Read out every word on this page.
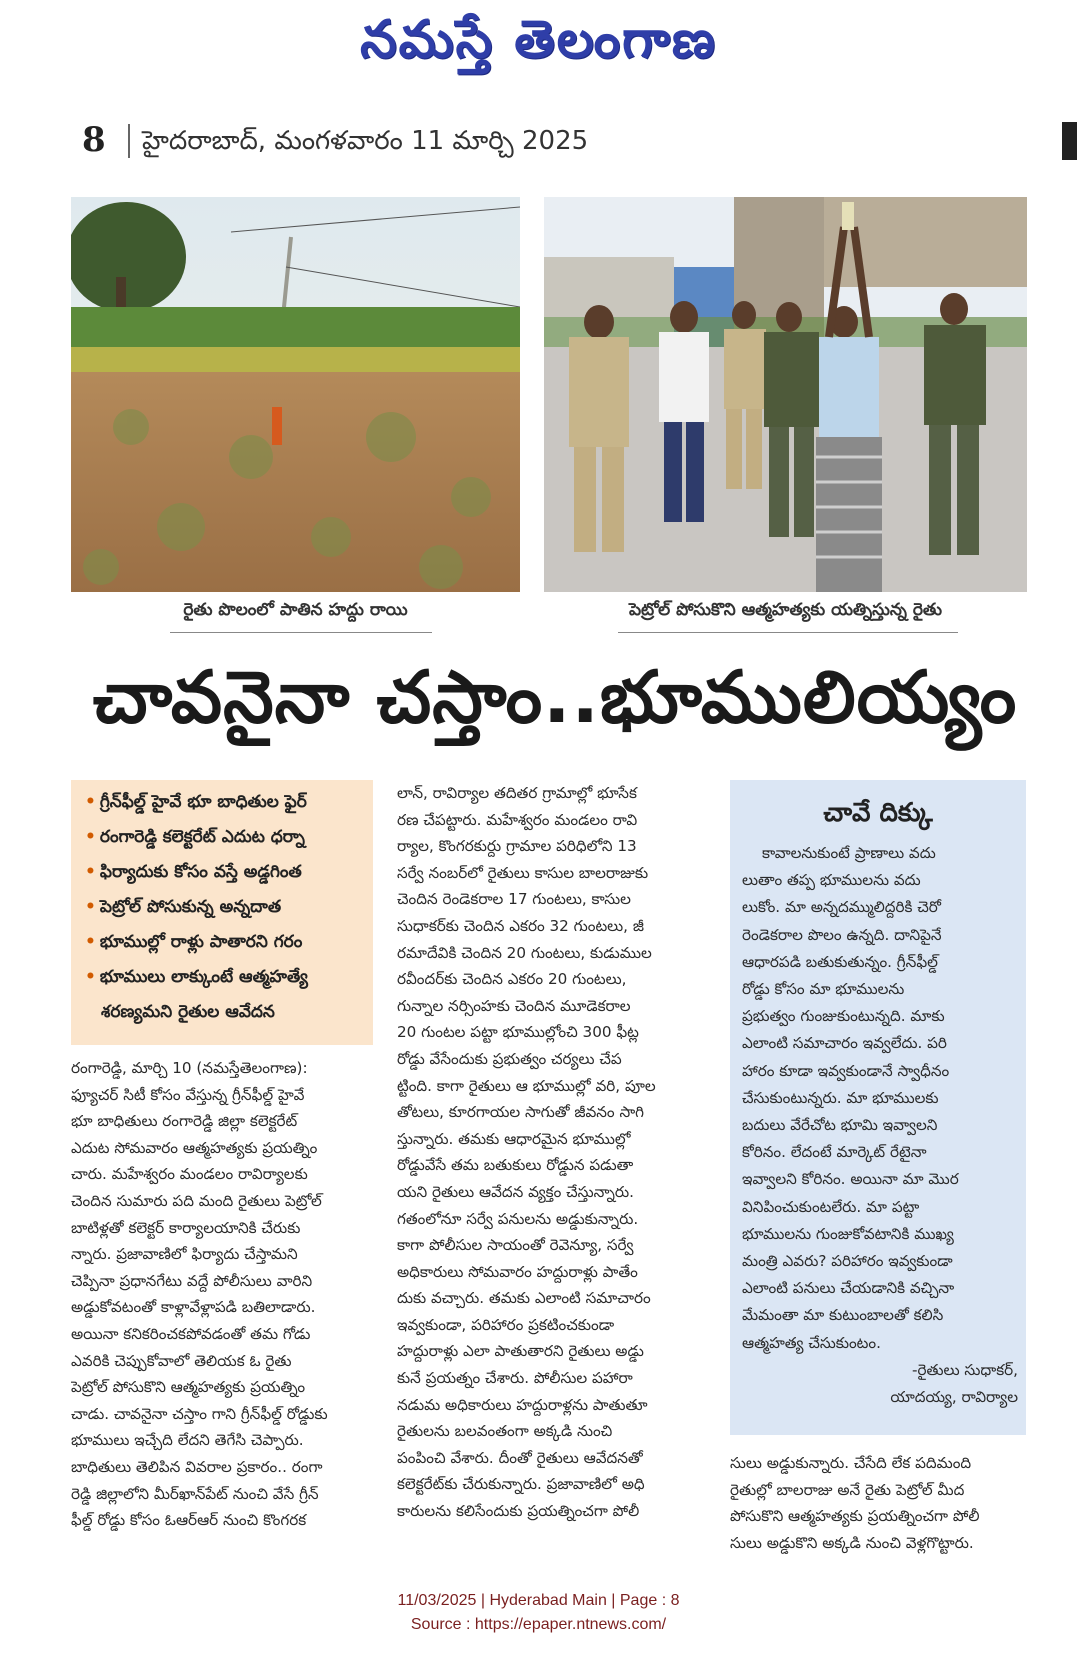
నమస్తే తెలంగాణ
8 హైదరాబాద్, మంగళవారం 11 మార్చి 2025
రైతు పొలంలో పాతిన హద్దు రాయి	పెట్రోల్ పోసుకొని ఆత్మహత్యకు యత్నిస్తున్న రైతు
చావనైనా చస్తాం..భూములియ్యం
• గ్రీన్‌ఫీల్డ్ హైవే భూ బాధితుల ఫైర్
• రంగారెడ్డి కలెక్టరేట్ ఎదుట ధర్నా
• ఫిర్యాదుకు కోసం వస్తే అడ్డగింత
• పెట్రోల్ పోసుకున్న అన్నదాత
• భూముల్లో రాళ్లు పాతారని గరం
• భూములు లాక్కుంటే ఆత్మహత్యే
శరణ్యమని రైతుల ఆవేదన

రంగారెడ్డి, మార్చి 10 (నమస్తేతెలంగాణ):

ఫ్యూచర్ సిటీ కోసం వేస్తున్న గ్రీన్‌ఫీల్డ్ హైవే

భూ బాధితులు రంగారెడ్డి జిల్లా కలెక్టరేట్

ఎదుట సోమవారం ఆత్మహత్యకు ప్రయత్నిం

చారు. మహేశ్వరం మండలం రావిర్యాలకు

చెందిన సుమారు పది మంది రైతులు పెట్రోల్

బాటిళ్లతో కలెక్టర్ కార్యాలయానికి చేరుకు

న్నారు. ప్రజావాణిలో ఫిర్యాదు చేస్తామని

చెప్పినా ప్రధానగేటు వద్దే పోలీసులు వారిని

అడ్డుకోవటంతో కాళ్లావేళ్లాపడి బతిలాడారు.

అయినా కనికరించకపోవడంతో తమ గోడు

ఎవరికి చెప్పుకోవాలో తెలియక ఓ రైతు

పెట్రోల్ పోసుకొని ఆత్మహత్యకు ప్రయత్నిం

చాడు. చావనైనా చస్తాం గాని గ్రీన్‌ఫీల్డ్ రోడ్డుకు

భూములు ఇచ్చేది లేదని తెగేసి చెప్పారు.

బాధితులు తెలిపిన వివరాల ప్రకారం.. రంగా

రెడ్డి జిల్లాలోని మీర్‌ఖాన్‌పేట్ నుంచి వేసే గ్రీన్

ఫీల్డ్ రోడ్డు కోసం ఓఆర్ఆర్ నుంచి కొంగరక

లాన్, రావిర్యాల తదితర గ్రామాల్లో భూసేక

రణ చేపట్టారు. మహేశ్వరం మండలం రావి

ర్యాల, కొంగరకుర్దు గ్రామాల పరిధిలోని 13

సర్వే నంబర్‌లో రైతులు కాసుల బాలరాజుకు

చెందిన రెండెకరాల 17 గుంటలు, కాసుల

సుధాకర్‌కు చెందిన ఎకరం 32 గుంటలు, జీ

రమాదేవికి చెందిన 20 గుంటలు, కుడుముల

రవీందర్‌కు చెందిన ఎకరం 20 గుంటలు,

గున్నాల నర్సింహకు చెందిన మూడెకరాల

20 గుంటల పట్టా భూముల్లోంచి 300 ఫీట్ల

రోడ్డు వేసేందుకు ప్రభుత్వం చర్యలు చేప

ట్టింది. కాగా రైతులు ఆ భూముల్లో వరి, పూల

తోటలు, కూరగాయల సాగుతో జీవనం సాగి

స్తున్నారు. తమకు ఆధారమైన భూముల్లో

రోడ్డువేసే తమ బతుకులు రోడ్డున పడుతా

యని రైతులు ఆవేదన వ్యక్తం చేస్తున్నారు.

గతంలోనూ సర్వే పనులను అడ్డుకున్నారు.

కాగా పోలీసుల సాయంతో రెవెన్యూ, సర్వే

అధికారులు సోమవారం హద్దురాళ్లు పాతేం

దుకు వచ్చారు. తమకు ఎలాంటి సమాచారం

ఇవ్వకుండా, పరిహారం ప్రకటించకుండా

హద్దురాళ్లు ఎలా పాతుతారని రైతులు అడ్డు

కునే ప్రయత్నం చేశారు. పోలీసుల పహారా

నడుమ అధికారులు హద్దురాళ్లను పాతుతూ

రైతులను బలవంతంగా అక్కడి నుంచి

పంపించి వేశారు. దీంతో రైతులు ఆవేదనతో

కలెక్టరేట్‌కు చేరుకున్నారు. ప్రజావాణిలో అధి

కారులను కలిసేందుకు ప్రయత్నించగా పోలీ

చావే దిక్కు

కావాలనుకుంటే ప్రాణాలు వదు

లుతాం తప్ప భూములను వదు

లుకోం. మా అన్నదమ్ములిద్దరికి చెరో

రెండెకరాల పొలం ఉన్నది. దానిపైనే

ఆధారపడి బతుకుతున్నం. గ్రీన్‌ఫీల్డ్

రోడ్డు కోసం మా భూములను

ప్రభుత్వం గుంజుకుంటున్నది. మాకు

ఎలాంటి సమాచారం ఇవ్వలేదు. పరి

హారం కూడా ఇవ్వకుండానే స్వాధీనం

చేసుకుంటున్నరు. మా భూములకు

బదులు వేరేచోట భూమి ఇవ్వాలని

కోరినం. లేదంటే మార్కెట్ రేటైనా

ఇవ్వాలని కోరినం. అయినా మా మొర

వినిపించుకుంటలేరు. మా పట్టా

భూములను గుంజుకోవటానికి ముఖ్య

మంత్రి ఎవరు? పరిహారం ఇవ్వకుండా

ఎలాంటి పనులు చేయడానికి వచ్చినా

మేమంతా మా కుటుంబాలతో కలిసి

ఆత్మహత్య చేసుకుంటం.

-రైతులు సుధాకర్,

యాదయ్య, రావిర్యాల

సులు అడ్డుకున్నారు. చేసేది లేక పదిమంది

రైతుల్లో బాలరాజు అనే రైతు పెట్రోల్ మీద

పోసుకొని ఆత్మహత్యకు ప్రయత్నించగా పోలీ

సులు అడ్డుకొని అక్కడి నుంచి వెళ్లగొట్టారు.

11/03/2025 | Hyderabad Main | Page : 8
Source : https://epaper.ntnews.com/
